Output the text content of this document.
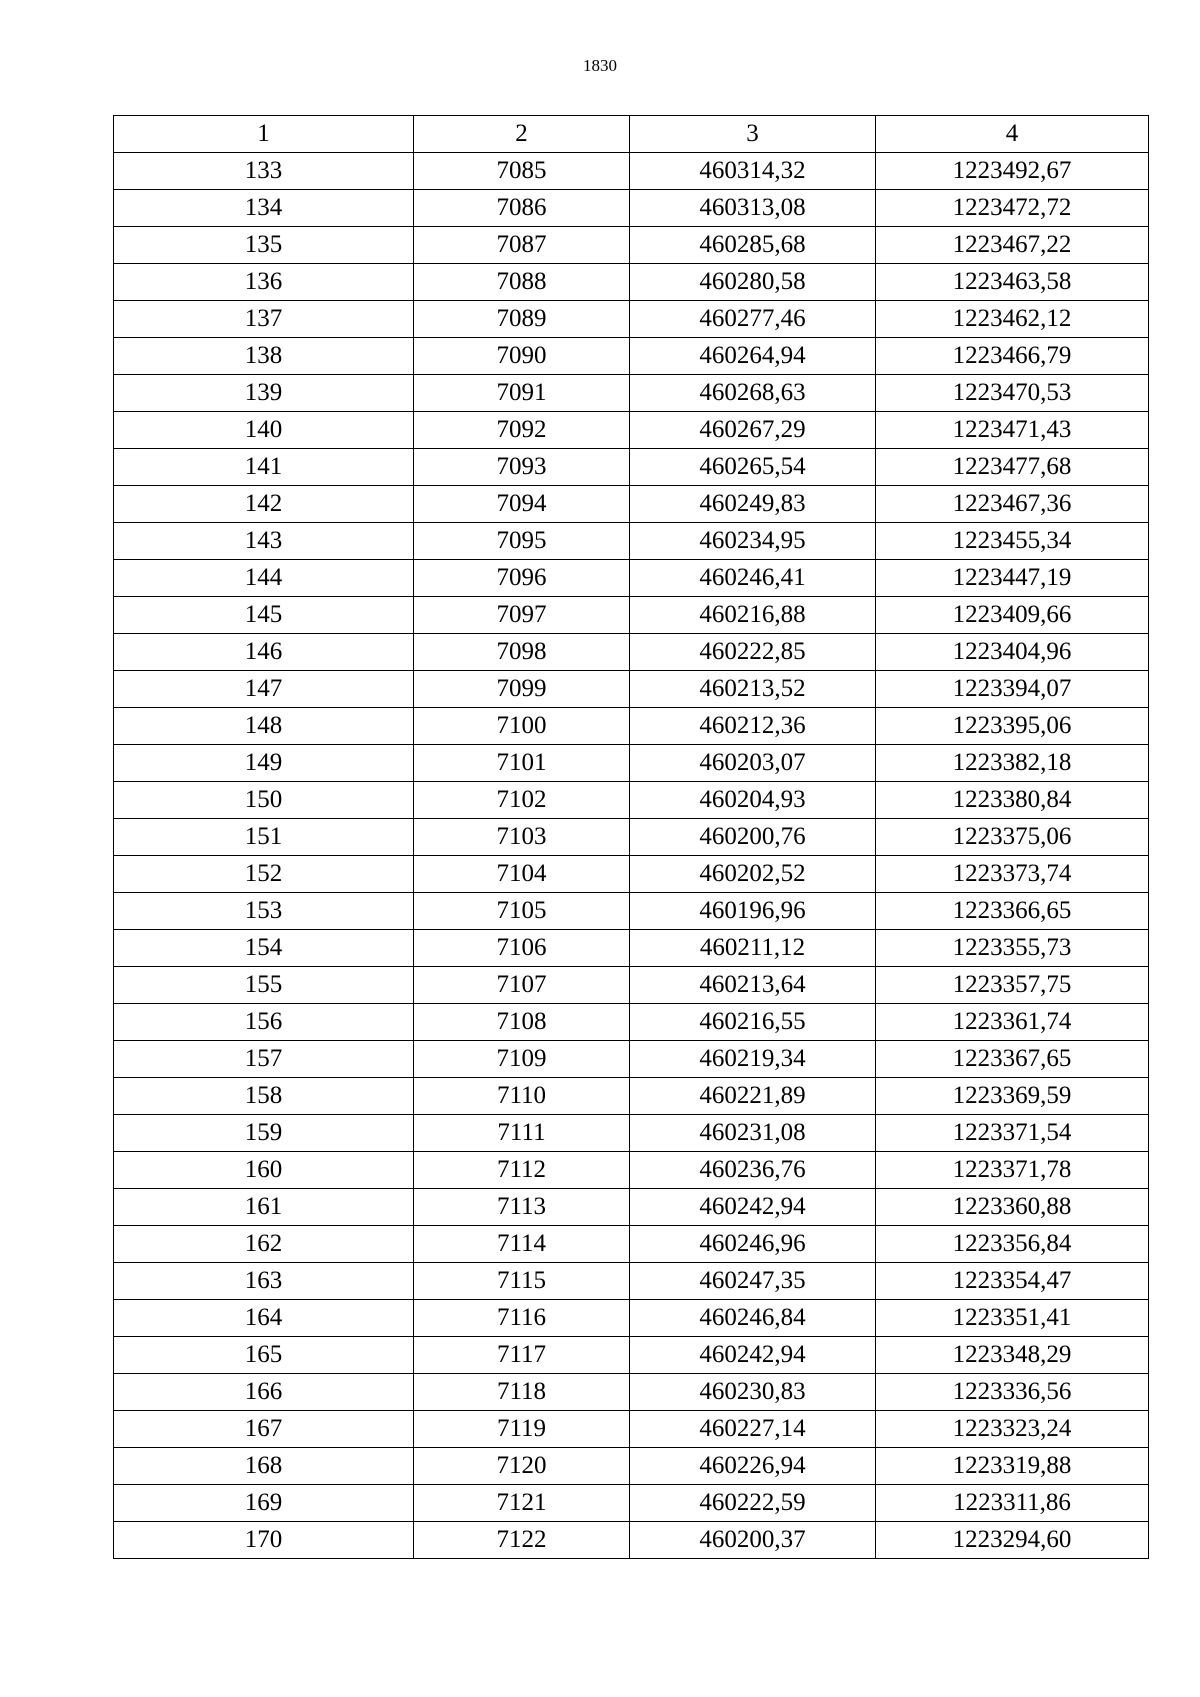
1830
1	2	3	4
133	7085	460314,32	1223492,67
134	7086	460313,08	1223472,72
135	7087	460285,68	1223467,22
136	7088	460280,58	1223463,58
137	7089	460277,46	1223462,12
138	7090	460264,94	1223466,79
139	7091	460268,63	1223470,53
140	7092	460267,29	1223471,43
141	7093	460265,54	1223477,68
142	7094	460249,83	1223467,36
143	7095	460234,95	1223455,34
144	7096	460246,41	1223447,19
145	7097	460216,88	1223409,66
146	7098	460222,85	1223404,96
147	7099	460213,52	1223394,07
148	7100	460212,36	1223395,06
149	7101	460203,07	1223382,18
150	7102	460204,93	1223380,84
151	7103	460200,76	1223375,06
152	7104	460202,52	1223373,74
153	7105	460196,96	1223366,65
154	7106	460211,12	1223355,73
155	7107	460213,64	1223357,75
156	7108	460216,55	1223361,74
157	7109	460219,34	1223367,65
158	7110	460221,89	1223369,59
159	7111	460231,08	1223371,54
160	7112	460236,76	1223371,78
161	7113	460242,94	1223360,88
162	7114	460246,96	1223356,84
163	7115	460247,35	1223354,47
164	7116	460246,84	1223351,41
165	7117	460242,94	1223348,29
166	7118	460230,83	1223336,56
167	7119	460227,14	1223323,24
168	7120	460226,94	1223319,88
169	7121	460222,59	1223311,86
170	7122	460200,37	1223294,60
